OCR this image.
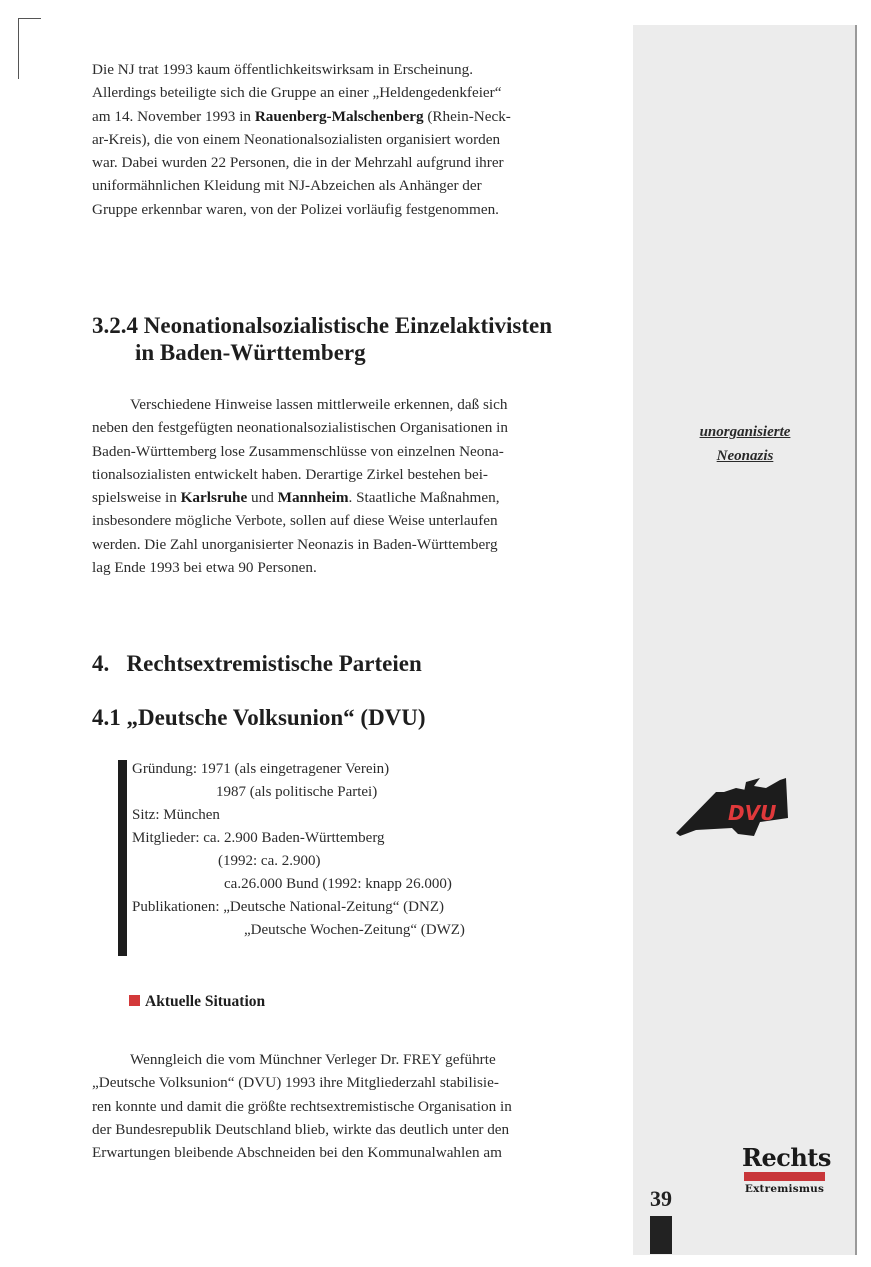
Die NJ trat 1993 kaum öffentlichkeitswirksam in Erscheinung.
Allerdings beteiligte sich die Gruppe an einer „Heldengedenkfeier“
am 14. November 1993 in Rauenberg-Malschenberg (Rhein-Neck-
ar-Kreis), die von einem Neonationalsozialisten organisiert worden
war. Dabei wurden 22 Personen, die in der Mehrzahl aufgrund ihrer
uniformähnlichen Kleidung mit NJ-Abzeichen als Anhänger der
Gruppe erkennbar waren, von der Polizei vorläufig festgenommen.
3.2.4 Neonationalsozialistische Einzelaktivisten
in Baden-Württemberg
Verschiedene Hinweise lassen mittlerweile erkennen, daß sich
neben den festgefügten neonationalsozialistischen Organisationen in
Baden-Württemberg lose Zusammenschlüsse von einzelnen Neona-
tionalsozialisten entwickelt haben. Derartige Zirkel bestehen bei-
spielsweise in Karlsruhe und Mannheim. Staatliche Maßnahmen,
insbesondere mögliche Verbote, sollen auf diese Weise unterlaufen
werden. Die Zahl unorganisierter Neonazis in Baden-Württemberg
lag Ende 1993 bei etwa 90 Personen.
4.   Rechtsextremistische Parteien
4.1 „Deutsche Volksunion“ (DVU)
Gründung: 1971 (als eingetragener Verein)
1987 (als politische Partei)
Sitz: München
Mitglieder: ca. 2.900 Baden-Württemberg
(1992: ca. 2.900)
ca.26.000 Bund (1992: knapp 26.000)
Publikationen: „Deutsche National-Zeitung“ (DNZ)
„Deutsche Wochen-Zeitung“ (DWZ)
Aktuelle Situation
Wenngleich die vom Münchner Verleger Dr. FREY geführte
„Deutsche Volksunion“ (DVU) 1993 ihre Mitgliederzahl stabilisie-
ren konnte und damit die größte rechtsextremistische Organisation in
der Bundesrepublik Deutschland blieb, wirkte das deutlich unter den
Erwartungen bleibende Abschneiden bei den Kommunalwahlen am
unorganisierte
Neonazis
DVU
39
Rechts
Extremismus
